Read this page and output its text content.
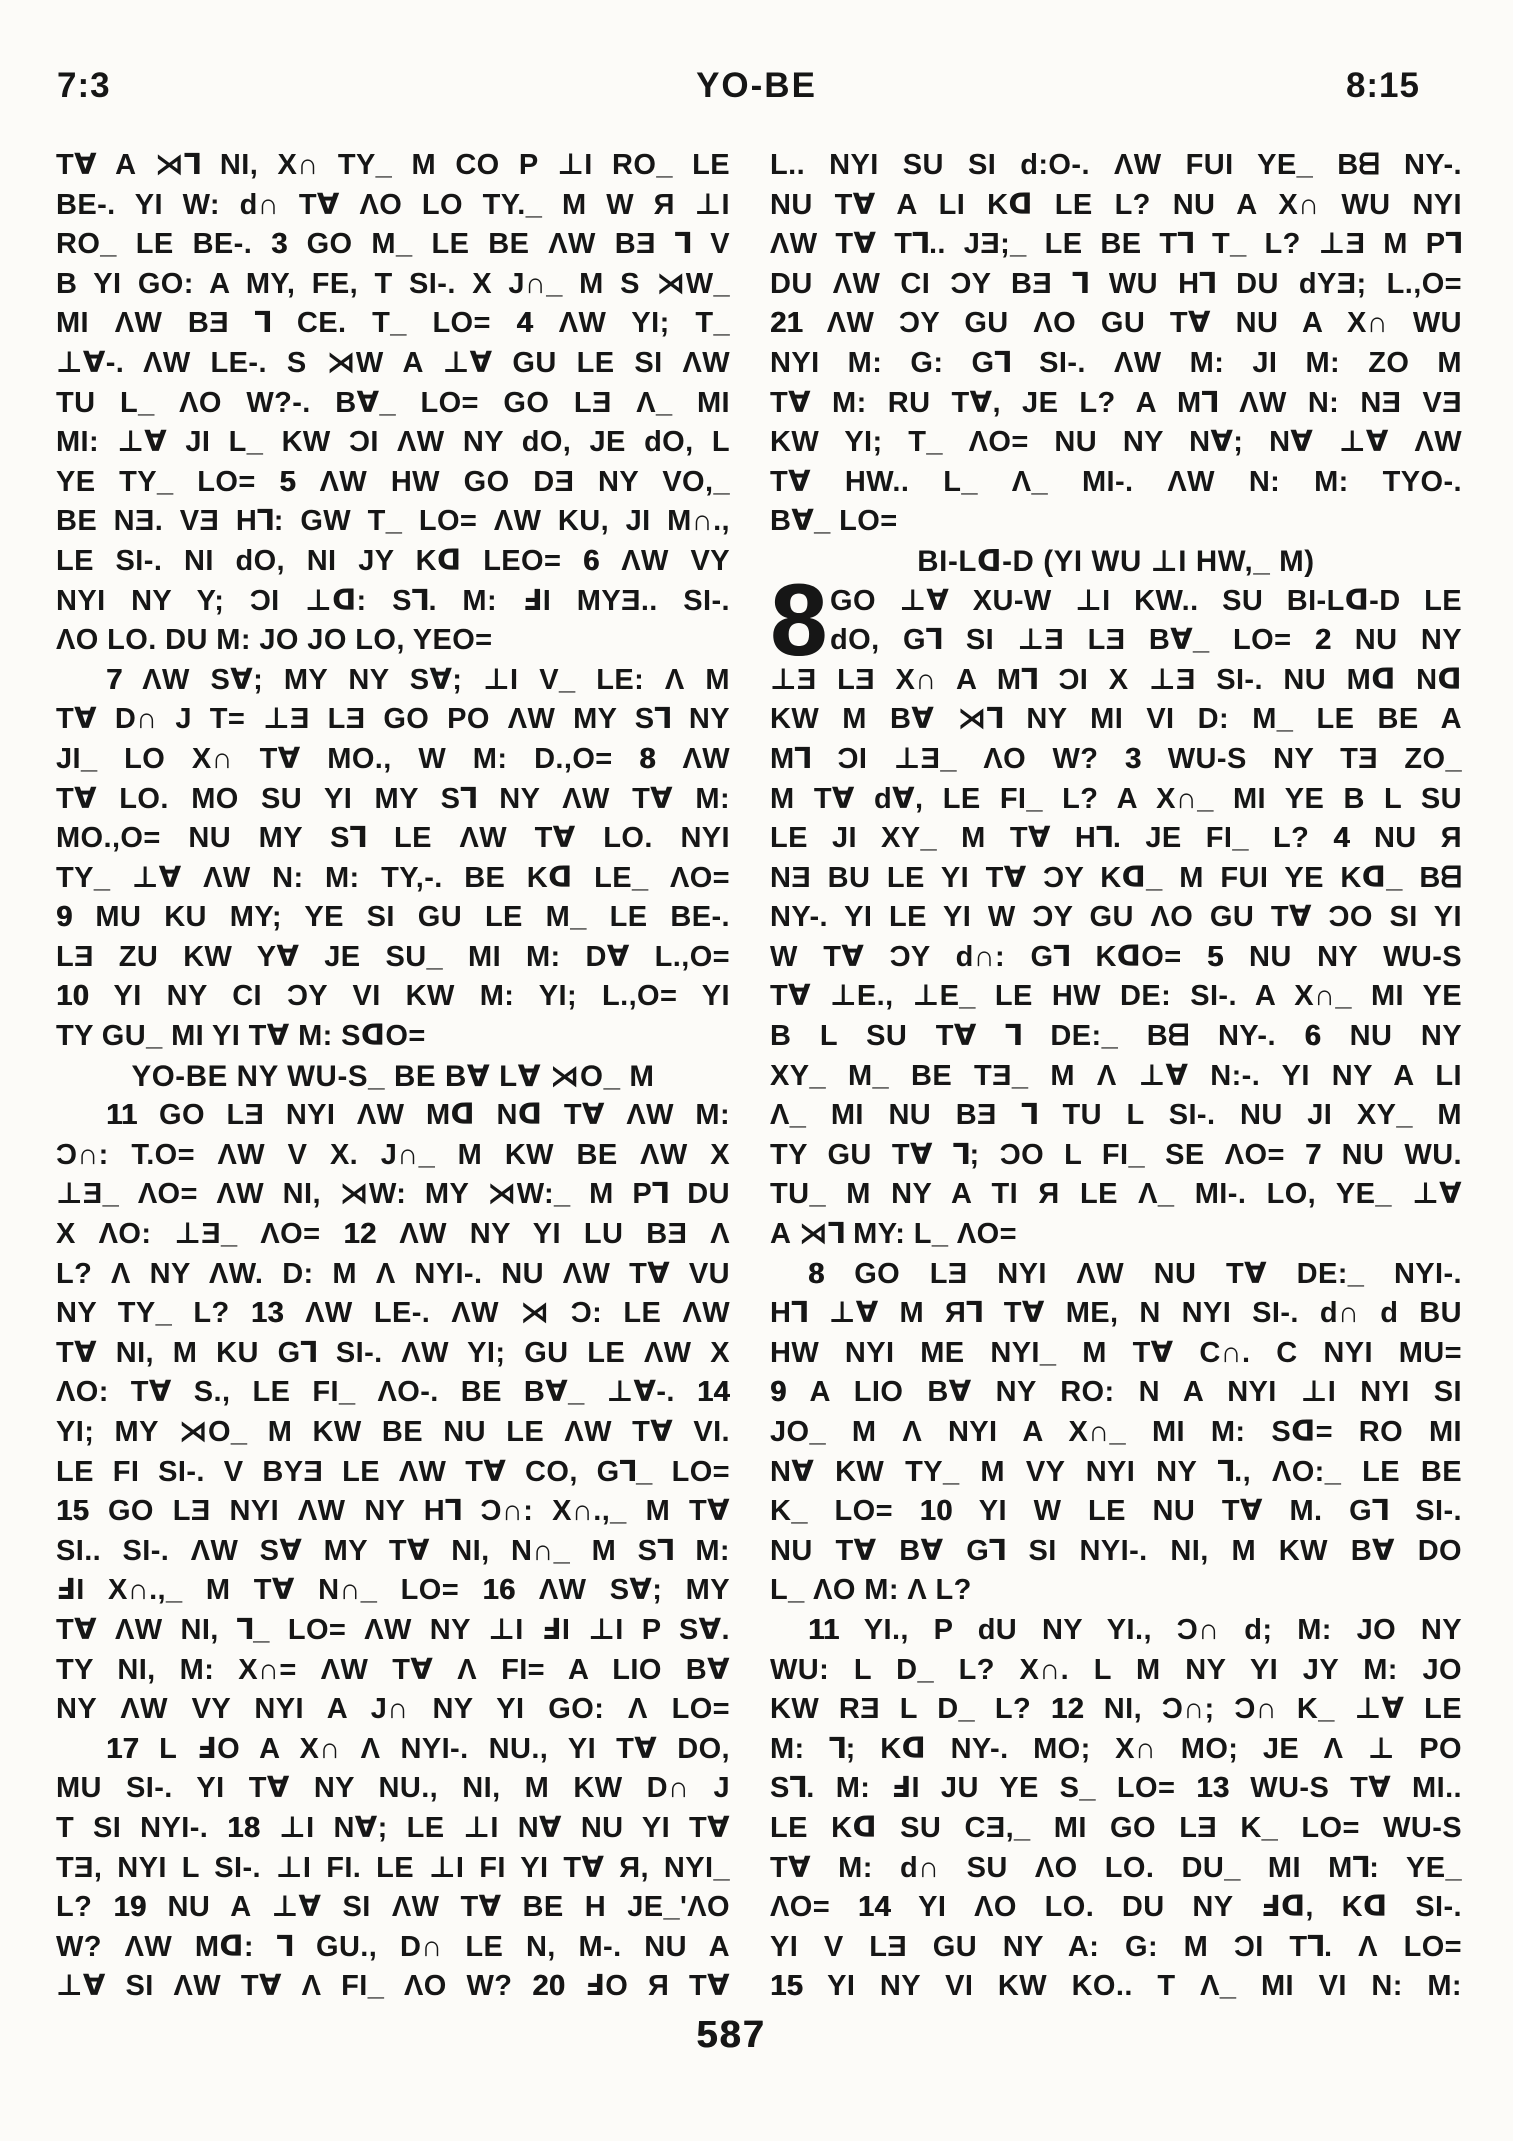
7:3	YO-BE	8:15
T∀ A ⋊⅂ NI, X∩ TY_ M CO P ⊥I RO_ LE
BE-. YI W: d∩ T∀ ΛO LO TY._ M W Я ⊥I
RO_ LE BE-. 3 GO M_ LE BE ΛW BƎ ⅂ V
B YI GO: A MY, FE, T SI-. X J∩_ M S ⋊W_
MI ΛW BƎ ⅂ CE. T_ LO= 4 ΛW YI; T_
⊥∀-. ΛW LE-. S ⋊W A ⊥∀ GU LE SI ΛW
TU L_ ΛO W?-. B∀_ LO= GO LƎ Λ_ MI
MI: ⊥∀ JI L_ KW ƆI ΛW NY dO, JE dO, L
YE TY_ LO= 5 ΛW HW GO DƎ NY VO,_
BE NƎ. VƎ H⅂: GW T_ LO= ΛW KU, JI M∩.,
LE SI-. NI dO, NI JY Kᗡ LEO= 6 ΛW VY
NYI NY Y; ƆI ⊥ᗡ: S⅂. M: ℲI MYƎ.. SI-.
ΛO LO. DU M: JO JO LO, YEO=
7 ΛW S∀; MY NY S∀; ⊥I V_ LE: Λ M
T∀ D∩ J T= ⊥Ǝ LƎ GO PO ΛW MY S⅂ NY
JI_ LO X∩ T∀ MO., W M: D.,O= 8 ΛW
T∀ LO. MO SU YI MY S⅂ NY ΛW T∀ M:
MO.,O= NU MY S⅂ LE ΛW T∀ LO. NYI
TY_ ⊥∀ ΛW N: M: TY,-. BE Kᗡ LE_ ΛO=
9 MU KU MY; YE SI GU LE M_ LE BE-.
LƎ ZU KW Y∀ JE SU_ MI M: D∀ L.,O=
10 YI NY CI ƆY VI KW M: YI; L.,O= YI
TY GU_ MI YI T∀ M: SᗡO=
YO-BE NY WU-S_ BE B∀ L∀ ⋊O_ M
11 GO LƎ NYI ΛW Mᗡ Nᗡ T∀ ΛW M:
Ɔ∩: T.O= ΛW V X. J∩_ M KW BE ΛW X
⊥Ǝ_ ΛO= ΛW NI, ⋊W: MY ⋊W:_ M P⅂ DU
X ΛO: ⊥Ǝ_ ΛO= 12 ΛW NY YI LU BƎ Λ
L? Λ NY ΛW. D: M Λ NYI-. NU ΛW T∀ VU
NY TY_ L? 13 ΛW LE-. ΛW ⋊ Ɔ: LE ΛW
T∀ NI, M KU G⅂ SI-. ΛW YI; GU LE ΛW X
ΛO: T∀ S., LE FI_ ΛO-. BE B∀_ ⊥∀-. 14
YI; MY ⋊O_ M KW BE NU LE ΛW T∀ VI.
LE FI SI-. V BYƎ LE ΛW T∀ CO, G⅂_ LO=
15 GO LƎ NYI ΛW NY H⅂ Ɔ∩: X∩.,_ M T∀
SI.. SI-. ΛW S∀ MY T∀ NI, N∩_ M S⅂ M:
ℲI X∩.,_ M T∀ N∩_ LO= 16 ΛW S∀; MY
T∀ ΛW NI, ⅂_ LO= ΛW NY ⊥I ℲI ⊥I P S∀.
TY NI, M: X∩= ΛW T∀ Λ FI= A LIO B∀
NY ΛW VY NYI A J∩ NY YI GO: Λ LO=
17 L ℲO A X∩ Λ NYI-. NU., YI T∀ DO,
MU SI-. YI T∀ NY NU., NI, M KW D∩ J
T SI NYI-. 18 ⊥I N∀; LE ⊥I N∀ NU YI T∀
TƎ, NYI L SI-. ⊥I FI. LE ⊥I FI YI T∀ Я, NYI_
L? 19 NU A ⊥∀ SI ΛW T∀ BE H JE_'ΛO
W? ΛW Mᗡ: ⅂ GU., D∩ LE N, M-. NU A
⊥∀ SI ΛW T∀ Λ FI_ ΛO W? 20 ℲO Я T∀
L.. NYI SU SI d:O-. ΛW FUI YE_ Bᗺ NY-.
NU T∀ A LI Kᗡ LE L? NU A X∩ WU NYI
ΛW T∀ T⅂.. JƎ;_ LE BE T⅂ T_ L? ⊥Ǝ M P⅂
DU ΛW CI ƆY BƎ ⅂ WU H⅂ DU dYƎ; L.,O=
21 ΛW ƆY GU ΛO GU T∀ NU A X∩ WU
NYI M: G: G⅂ SI-. ΛW M: JI M: ZO M
T∀ M: RU T∀, JE L? A M⅂ ΛW N: NƎ VƎ
KW YI; T_ ΛO= NU NY N∀; N∀ ⊥∀ ΛW
T∀ HW.. L_ Λ_ MI-. ΛW N: M: TYO-.
B∀_ LO=
BI-Lᗡ-D (YI WU ⊥I HW,_ M)
8 GO ⊥∀ XU-W ⊥I KW.. SU BI-Lᗡ-D LE
dO, G⅂ SI ⊥Ǝ LƎ B∀_ LO= 2 NU NY
⊥Ǝ LƎ X∩ A M⅂ ƆI X ⊥Ǝ SI-. NU Mᗡ Nᗡ
KW M B∀ ⋊⅂ NY MI VI D: M_ LE BE A
M⅂ ƆI ⊥Ǝ_ ΛO W? 3 WU-S NY TƎ ZO_
M T∀ d∀, LE FI_ L? A X∩_ MI YE B L SU
LE JI XY_ M T∀ H⅂. JE FI_ L? 4 NU Я
NƎ BU LE YI T∀ ƆY Kᗡ_ M FUI YE Kᗡ_ Bᗺ
NY-. YI LE YI W ƆY GU ΛO GU T∀ ƆO SI YI
W T∀ ƆY d∩: G⅂ KᗡO= 5 NU NY WU-S
T∀ ⊥E., ⊥E_ LE HW DE: SI-. A X∩_ MI YE
B L SU T∀ ⅂ DE:_ Bᗺ NY-. 6 NU NY
XY_ M_ BE TƎ_ M Λ ⊥∀ N:-. YI NY A LI
Λ_ MI NU BƎ ⅂ TU L SI-. NU JI XY_ M
TY GU T∀ ⅂; ƆO L FI_ SE ΛO= 7 NU WU.
TU_ M NY A TI Я LE Λ_ MI-. LO, YE_ ⊥∀
A ⋊⅂ MY: L_ ΛO=
8 GO LƎ NYI ΛW NU T∀ DE:_ NYI-.
H⅂ ⊥∀ M Я⅂ T∀ ME, N NYI SI-. d∩ d BU
HW NYI ME NYI_ M T∀ C∩. C NYI MU=
9 A LIO B∀ NY RO: N A NYI ⊥I NYI SI
JO_ M Λ NYI A X∩_ MI M: Sᗡ= RO MI
N∀ KW TY_ M VY NYI NY ⅂., ΛO:_ LE BE
K_ LO= 10 YI W LE NU T∀ M. G⅂ SI-.
NU T∀ B∀ G⅂ SI NYI-. NI, M KW B∀ DO
L_ ΛO M: Λ L?
11 YI., P dU NY YI., Ɔ∩ d; M: JO NY
WU: L D_ L? X∩. L M NY YI JY M: JO
KW RƎ L D_ L? 12 NI, Ɔ∩; Ɔ∩ K_ ⊥∀ LE
M: ⅂; Kᗡ NY-. MO; X∩ MO; JE Λ ⊥ PO
S⅂. M: ℲI JU YE S_ LO= 13 WU-S T∀ MI..
LE Kᗡ SU CƎ,_ MI GO LƎ K_ LO= WU-S
T∀ M: d∩ SU ΛO LO. DU_ MI M⅂: YE_
ΛO= 14 YI ΛO LO. DU NY Ⅎᗡ, Kᗡ SI-.
YI V LƎ GU NY A: G: M ƆI T⅂. Λ LO=
15 YI NY VI KW KO.. T Λ_ MI VI N: M:
587
